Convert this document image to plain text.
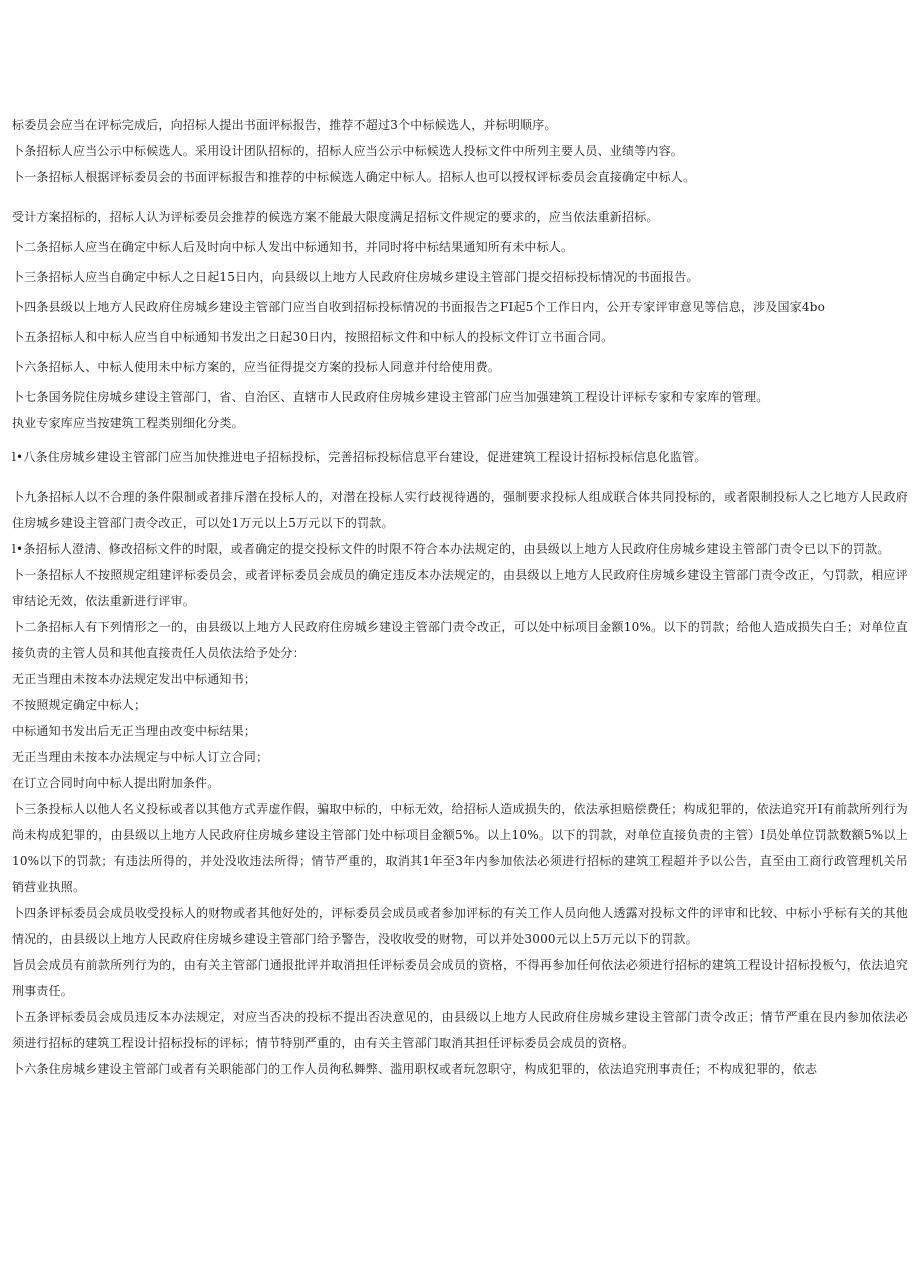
标委员会应当在评标完成后，向招标人提出书面评标报告，推荐不超过3个中标候选人，并标明顺序。

卜条招标人应当公示中标候选人。采用设计团队招标的，招标人应当公示中标候选人投标文件中所列主要人员、业绩等内容。

卜一条招标人根据评标委员会的书面评标报告和推荐的中标候选人确定中标人。招标人也可以授权评标委员会直接确定中标人。

受计方案招标的，招标人认为评标委员会推荐的候选方案不能最大限度满足招标文件规定的要求的，应当依法重新招标。

卜二条招标人应当在确定中标人后及时向中标人发出中标通知书，并同时将中标结果通知所有未中标人。

卜三条招标人应当自确定中标人之日起15日内，向县级以上地方人民政府住房城乡建设主管部门提交招标投标情况的书面报告。

卜四条县级以上地方人民政府住房城乡建设主管部门应当自收到招标投标情况的书面报告之FI起5个工作日内，公开专家评审意见等信息，涉及国家4bo

卜五条招标人和中标人应当自中标通知书发出之日起30日内，按照招标文件和中标人的投标文件订立书面合同。

卜六条招标人、中标人使用未中标方案的，应当征得提交方案的投标人同意并付给使用费。

卜七条国务院住房城乡建设主管部门，省、自治区、直辖市人民政府住房城乡建设主管部门应当加强建筑工程设计评标专家和专家库的管理。

执业专家库应当按建筑工程类别细化分类。

l•八条住房城乡建设主管部门应当加快推进电子招标投标，完善招标投标信息平台建设，促进建筑工程设计招标投标信息化监管。

卜九条招标人以不合理的条件限制或者排斥潜在投标人的，对潜在投标人实行歧视待遇的，强制要求投标人组成联合体共同投标的，或者限制投标人之匕地方人民政府住房城乡建设主管部门责令改正，可以处1万元以上5万元以下的罚款。

l•条招标人澄清、修改招标文件的时限，或者确定的提交投标文件的时限不符合本办法规定的，由县级以上地方人民政府住房城乡建设主管部门责令已以下的罚款。

卜一条招标人不按照规定组建评标委员会，或者评标委员会成员的确定违反本办法规定的，由县级以上地方人民政府住房城乡建设主管部门责令改正，勺罚款，相应评审结论无效，依法重新进行评审。

卜二条招标人有下列情形之一的，由县级以上地方人民政府住房城乡建设主管部门责令改正，可以处中标项目金额10%。以下的罚款；给他人造成损失白壬；对单位直接负责的主管人员和其他直接责任人员依法给予处分：

无正当理由未按本办法规定发出中标通知书；

不按照规定确定中标人；

中标通知书发出后无正当理由改变中标结果；

无正当理由未按本办法规定与中标人订立合同；

在订立合同时向中标人提出附加条件。

卜三条投标人以他人名义投标或者以其他方式弄虚作假，骗取中标的，中标无效，给招标人造成损失的，依法承担赔偿费任；构成犯罪的，依法追究开I有前款所列行为尚未构成犯罪的，由县级以上地方人民政府住房城乡建设主管部门处中标项目金额5%。以上10%。以下的罚款，对单位直接负责的主管）I员处单位罚款数额5%以上10%以下的罚款；有违法所得的，并处没收违法所得；情节严重的，取消其1年至3年内参加依法必须进行招标的建筑工程超并予以公告，直至由工商行政管理机关吊销营业执照。

卜四条评标委员会成员收受投标人的财物或者其他好处的，评标委员会成员或者参加评标的有关工作人员向他人透露对投标文件的评审和比较、中标小乎标有关的其他情况的，由县级以上地方人民政府住房城乡建设主管部门给予警告，没收收受的财物，可以并处3000元以上5万元以下的罚款。

旨员会成员有前款所列行为的，由有关主管部门通报批评并取消担任评标委员会成员的资格，不得再参加任何依法必须进行招标的建筑工程设计招标投板勺，依法追究刑事责任。

卜五条评标委员会成员违反本办法规定，对应当否决的投标不提出否决意见的，由县级以上地方人民政府住房城乡建设主管部门责令改正；情节严重在艮内参加依法必须进行招标的建筑工程设计招标投标的评标；情节特别严重的，由有关主管部门取消其担任评标委员会成员的资格。

卜六条住房城乡建设主管部门或者有关职能部门的工作人员徇私舞弊、滥用职权或者玩忽职守，构成犯罪的，依法追究刑事责任；不构成犯罪的，依志
